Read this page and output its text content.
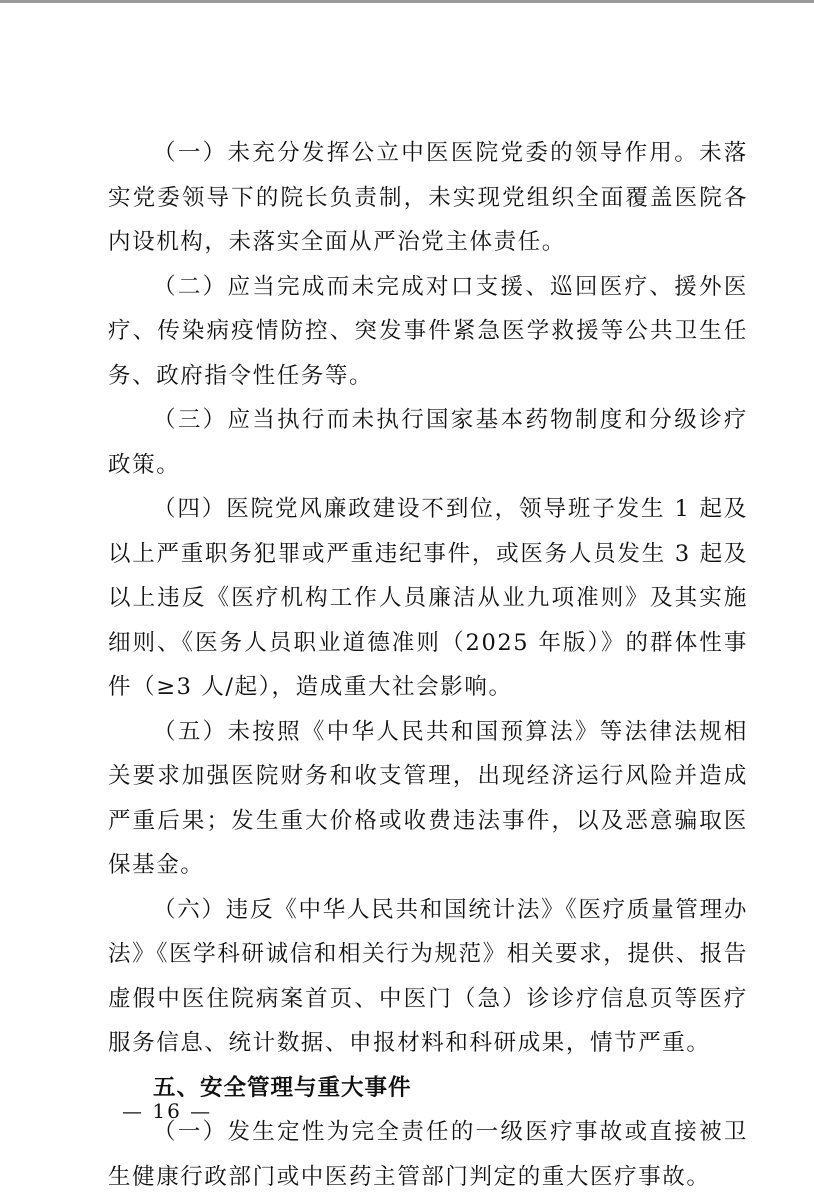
（一）未充分发挥公立中医医院党委的领导作用。未落实党委领导下的院长负责制，未实现党组织全面覆盖医院各内设机构，未落实全面从严治党主体责任。

（二）应当完成而未完成对口支援、巡回医疗、援外医疗、传染病疫情防控、突发事件紧急医学救援等公共卫生任务、政府指令性任务等。

（三）应当执行而未执行国家基本药物制度和分级诊疗政策。

（四）医院党风廉政建设不到位，领导班子发生 1 起及以上严重职务犯罪或严重违纪事件，或医务人员发生 3 起及以上违反《医疗机构工作人员廉洁从业九项准则》及其实施细则、《医务人员职业道德准则（2025 年版）》的群体性事件（≥3 人/起），造成重大社会影响。

（五）未按照《中华人民共和国预算法》等法律法规相关要求加强医院财务和收支管理，出现经济运行风险并造成严重后果；发生重大价格或收费违法事件，以及恶意骗取医保基金。

（六）违反《中华人民共和国统计法》《医疗质量管理办法》《医学科研诚信和相关行为规范》相关要求，提供、报告虚假中医住院病案首页、中医门（急）诊诊疗信息页等医疗服务信息、统计数据、申报材料和科研成果，情节严重。

五、安全管理与重大事件

（一）发生定性为完全责任的一级医疗事故或直接被卫生健康行政部门或中医药主管部门判定的重大医疗事故。

— 16 —
